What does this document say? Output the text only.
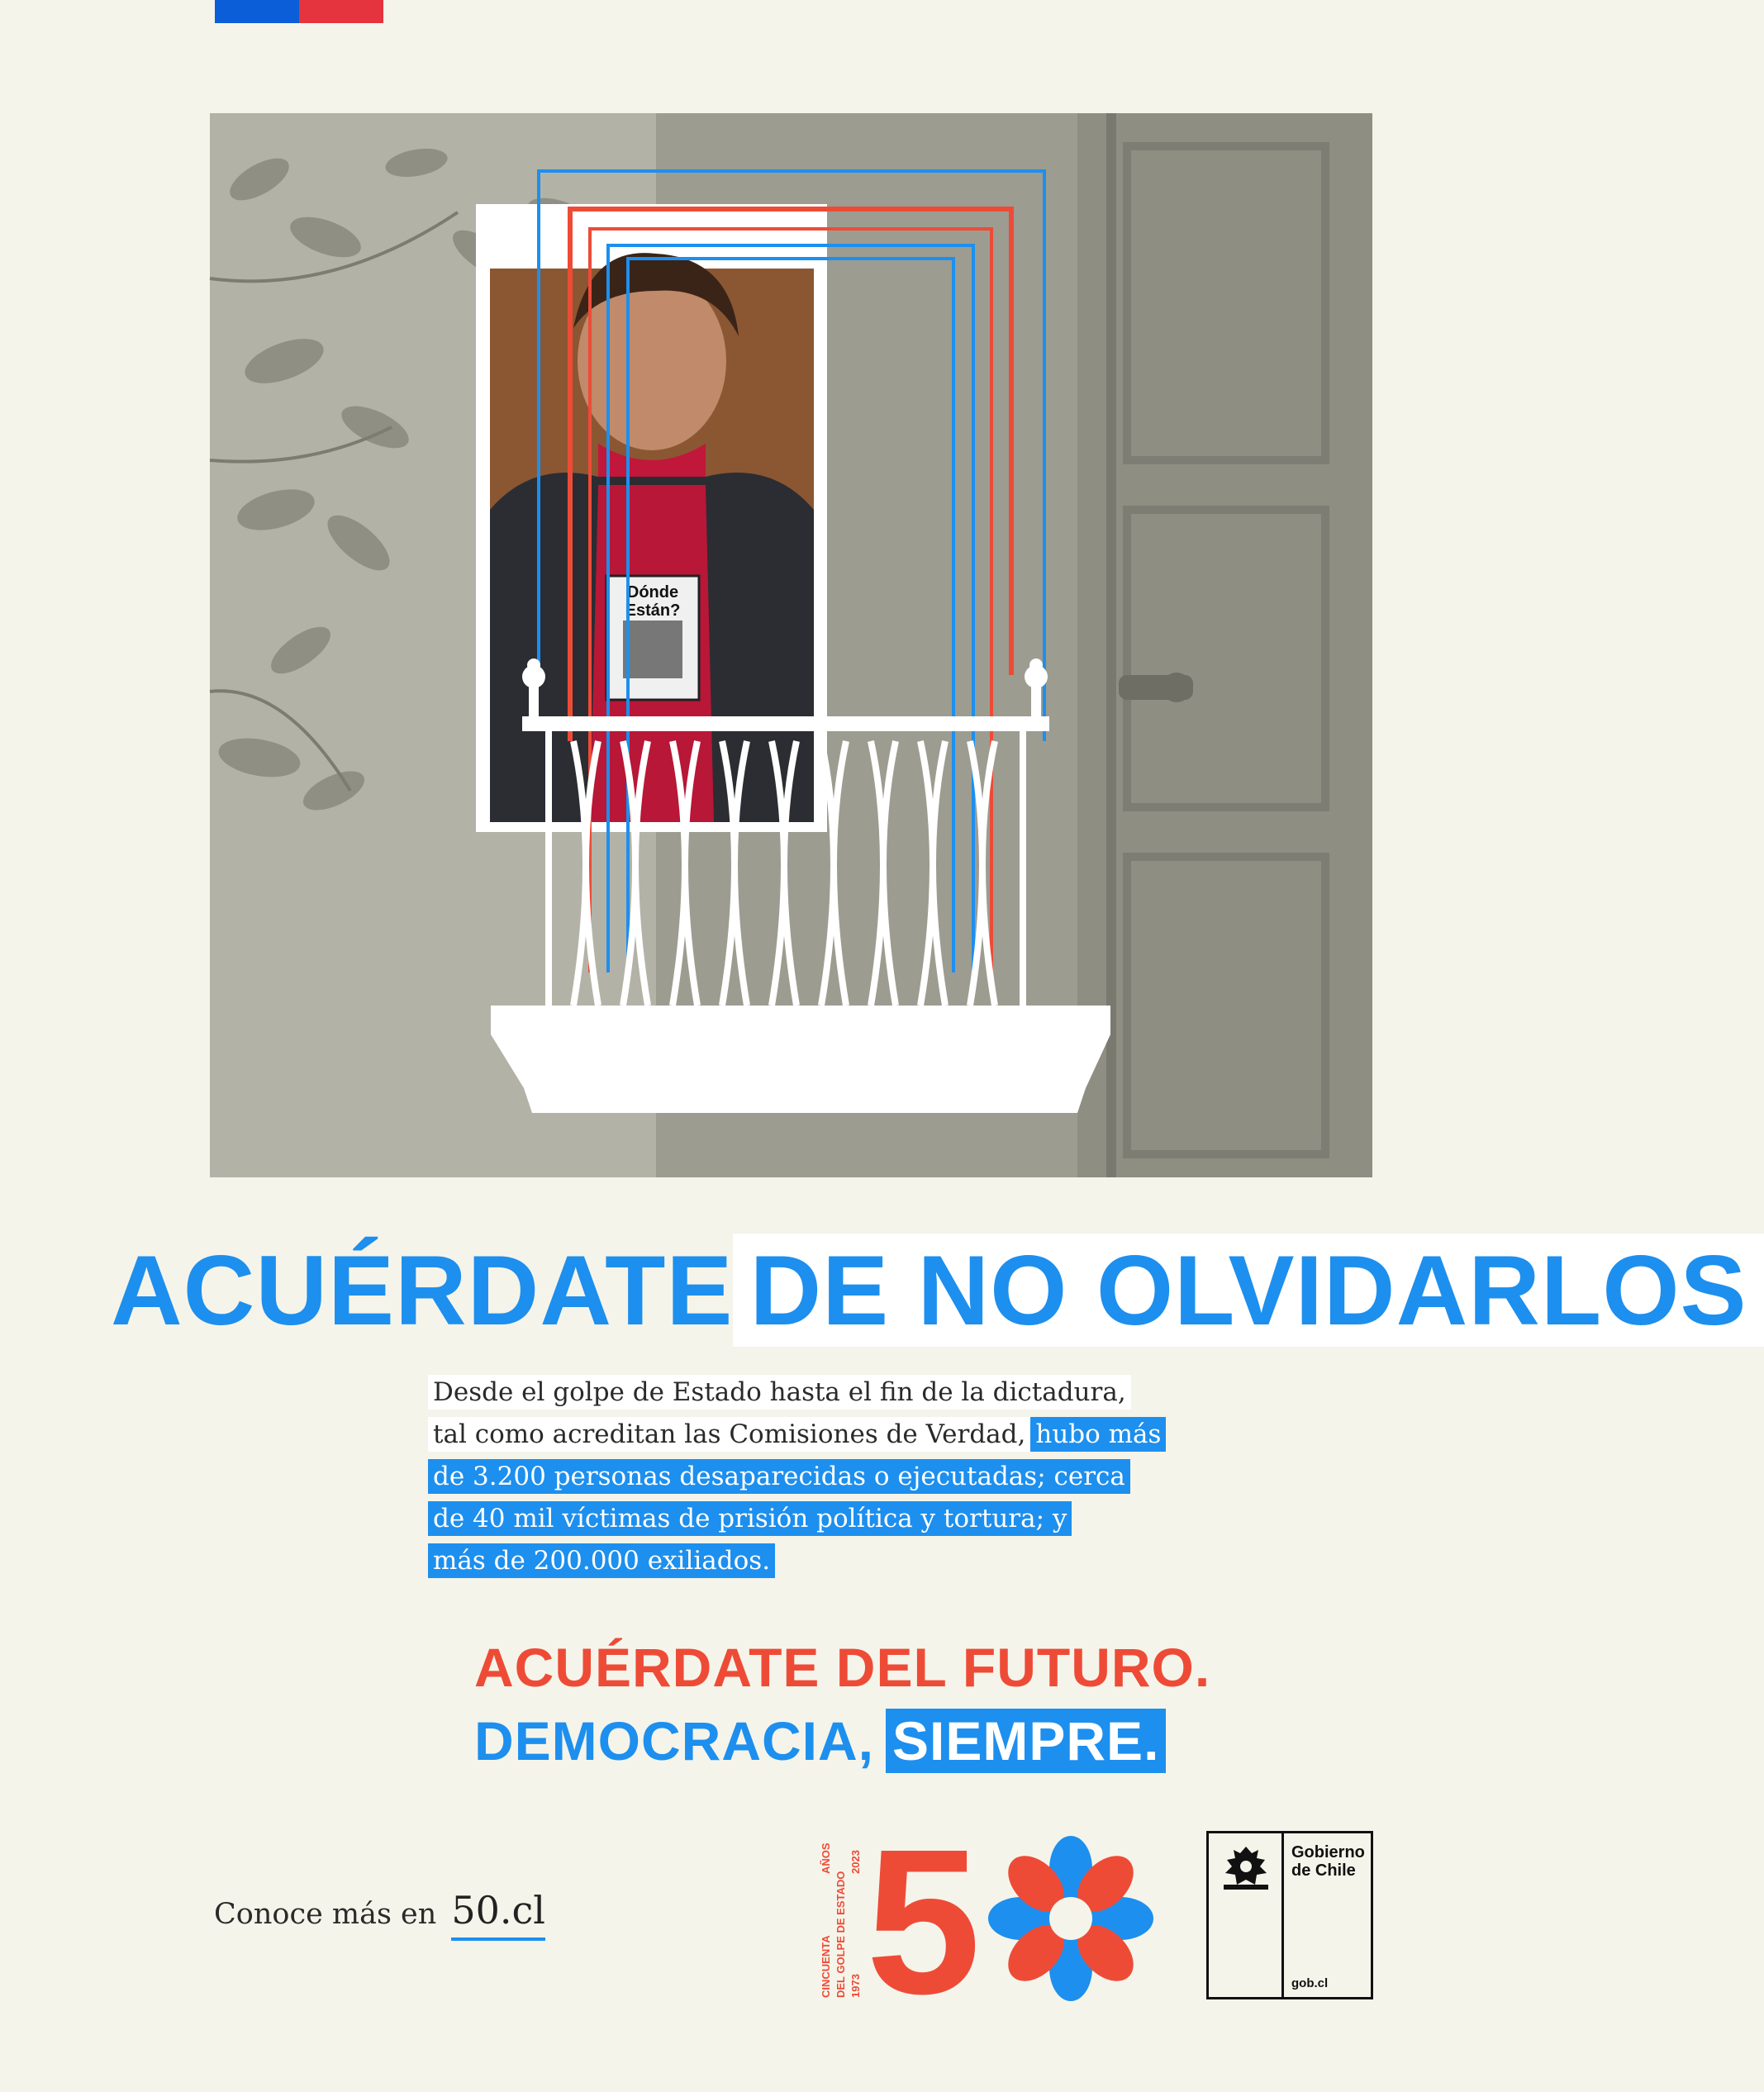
Dónde
Están?
ACUÉRDATE DE NO OLVIDARLOS
Desde el golpe de Estado hasta el fin de la dictadura,
tal como acreditan las Comisiones de Verdad, hubo más
de 3.200 personas desaparecidas o ejecutadas; cerca
de 40 mil víctimas de prisión política y tortura; y
más de 200.000 exiliados.
ACUÉRDATE DEL FUTURO.
DEMOCRACIA, SIEMPRE.
Conoce más en 50.cl
CINCUENTA
AÑOS
DEL GOLPE DE ESTADO 1973
2023 5	Gobierno
de Chile
gob.cl
